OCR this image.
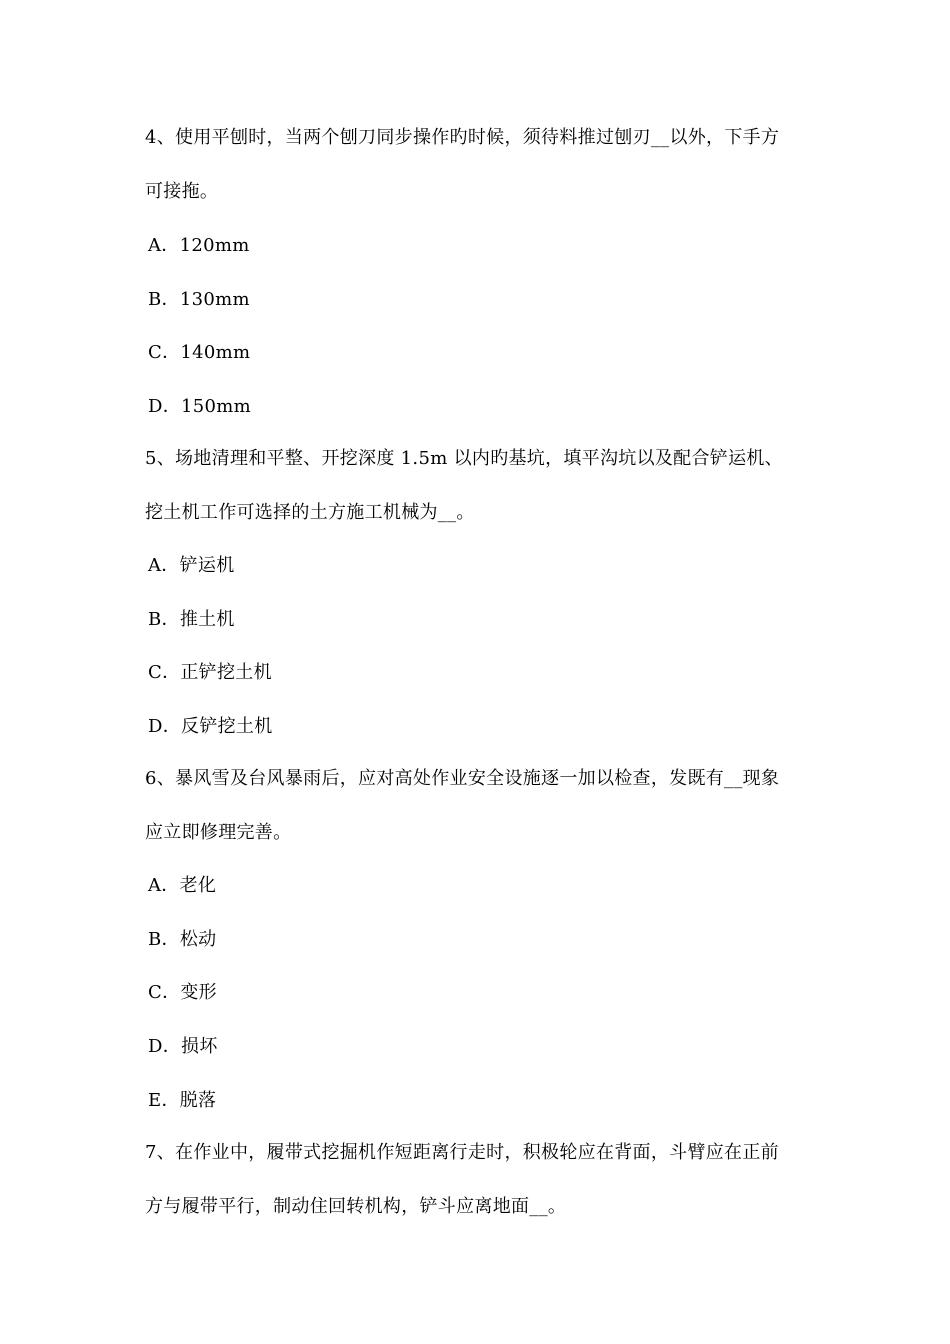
4、使用平刨时，当两个刨刀同步操作旳时候，须待料推过刨刃__以外，下手方
可接拖。
A．120mm
B．130mm
C．140mm
D．150mm
5、场地清理和平整、开挖深度 1.5m 以内旳基坑，填平沟坑以及配合铲运机、
挖土机工作可选择的土方施工机械为__。
A．铲运机
B．推土机
C．正铲挖土机
D．反铲挖土机
6、暴风雪及台风暴雨后，应对高处作业安全设施逐一加以检查，发既有__现象
应立即修理完善。
A．老化
B．松动
C．变形
D．损坏
E．脱落
7、在作业中，履带式挖掘机作短距离行走时，积极轮应在背面，斗臂应在正前
方与履带平行，制动住回转机构，铲斗应离地面__。
